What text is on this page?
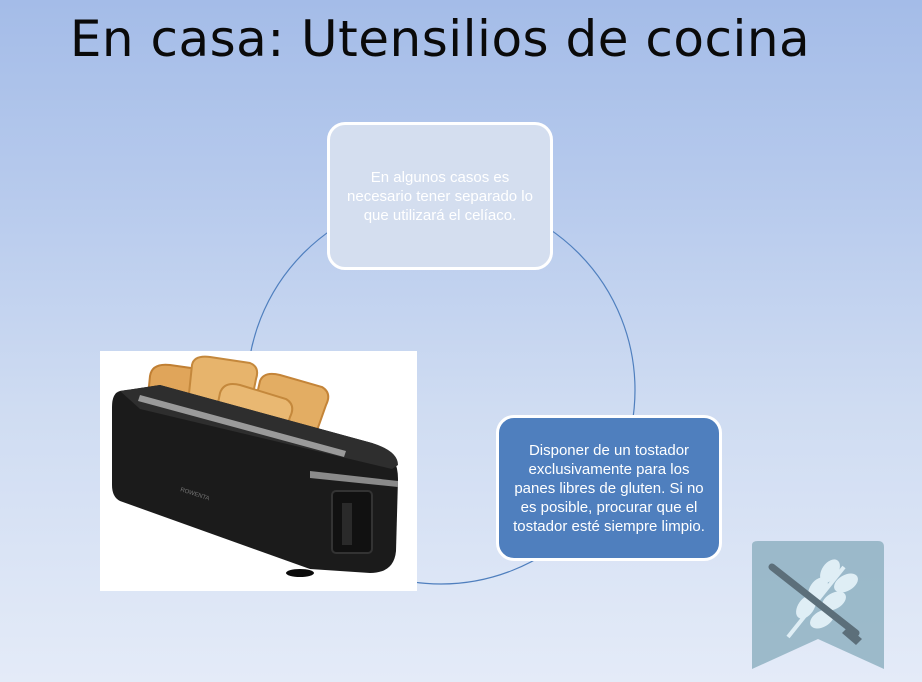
En casa: Utensilios de cocina
En algunos casos es necesario tener separado lo que utilizará el celíaco.
Disponer de un tostador exclusivamente para los panes libres de gluten. Si no es posible, procurar que el tostador esté siempre limpio.
ROWENTA
